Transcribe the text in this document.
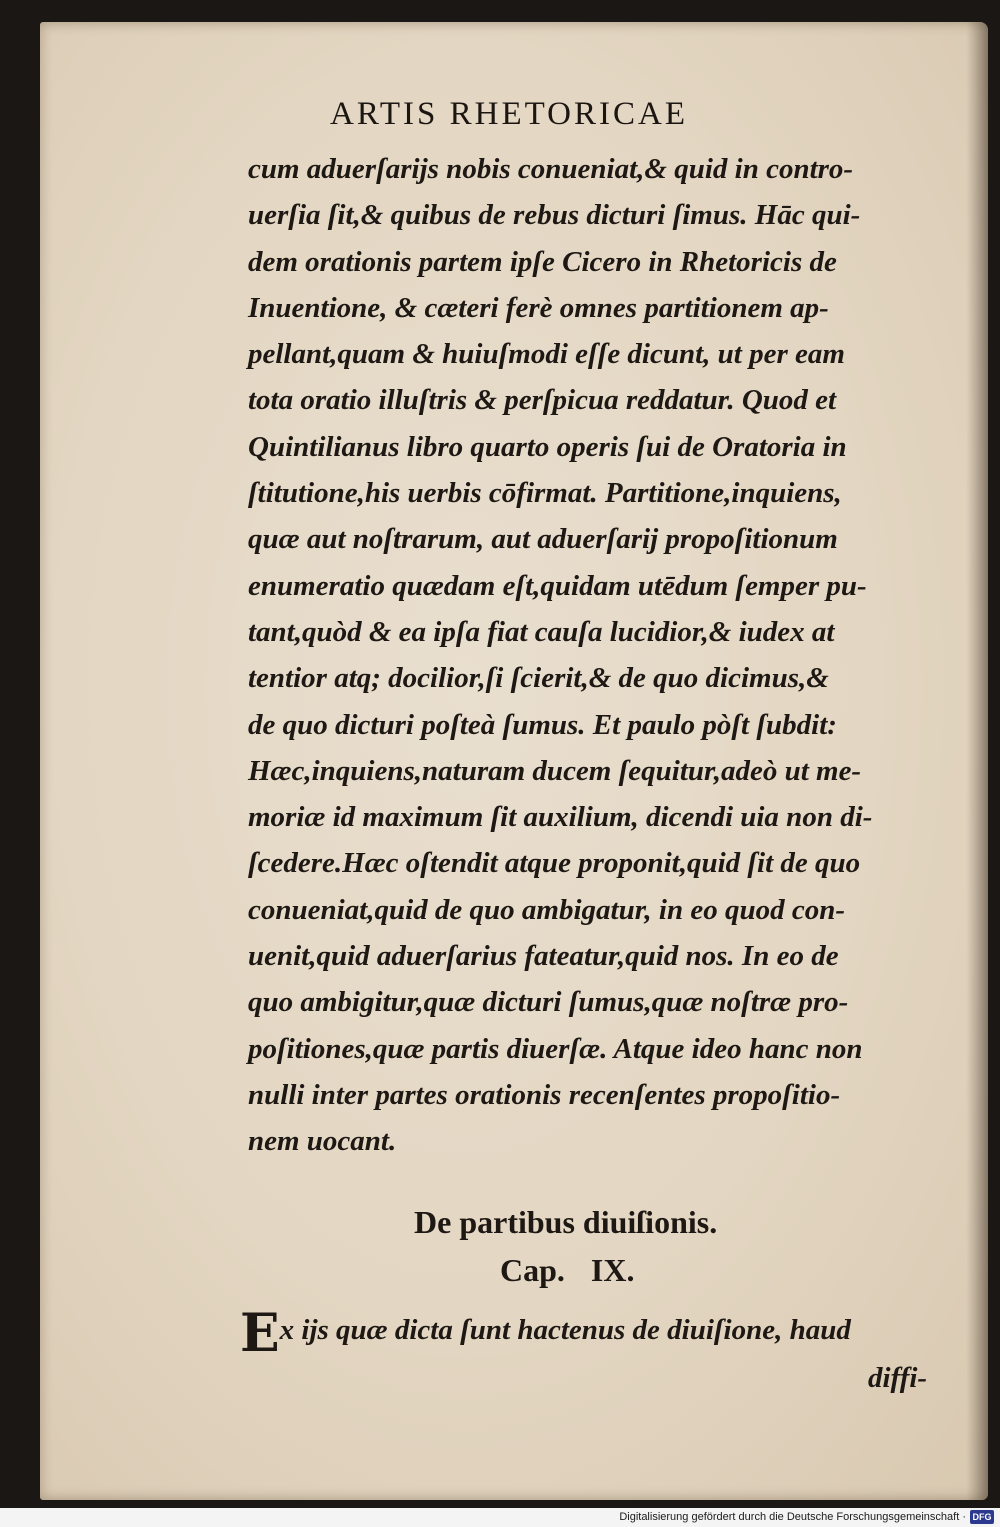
ARTIS RHETORICAE
cum aduerſarijs nobis conueniat,& quid in contro-
uerſia ſit,& quibus de rebus dicturi ſimus. Hāc qui-
dem orationis partem ipſe Cicero in Rhetoricis de
Inuentione, & cæteri ferè omnes partitionem ap-
pellant,quam & huiuſmodi eſſe dicunt, ut per eam
tota oratio illuſtris & perſpicua reddatur. Quod et
Quintilianus libro quarto operis ſui de Oratoria in
ſtitutione,his uerbis cōfirmat. Partitione,inquiens,
quæ aut noſtrarum, aut aduerſarij propoſitionum
enumeratio quædam eſt,quidam utēdum ſemper pu-
tant,quòd & ea ipſa fiat cauſa lucidior,& iudex at
tentior atq; docilior,ſi ſcierit,& de quo dicimus,&
de quo dicturi poſteà ſumus. Et paulo pòſt ſubdit:
Hæc,inquiens,naturam ducem ſequitur,adeò ut me-
moriæ id maximum ſit auxilium, dicendi uia non di-
ſcedere.Hæc oſtendit atque proponit,quid ſit de quo
conueniat,quid de quo ambigatur, in eo quod con-
uenit,quid aduerſarius fateatur,quid nos. In eo de
quo ambigitur,quæ dicturi ſumus,quæ noſtræ pro-
poſitiones,quæ partis diuerſæ. Atque ideo hanc non
nulli inter partes orationis recenſentes propoſitio-
nem uocant.
De partibus diuiſionis.
Cap. IX.
Ex ijs quæ dicta ſunt hactenus de diuiſione, haud
diffi-
Digitalisierung gefördert durch die Deutsche Forschungsgemeinschaft · DFG
